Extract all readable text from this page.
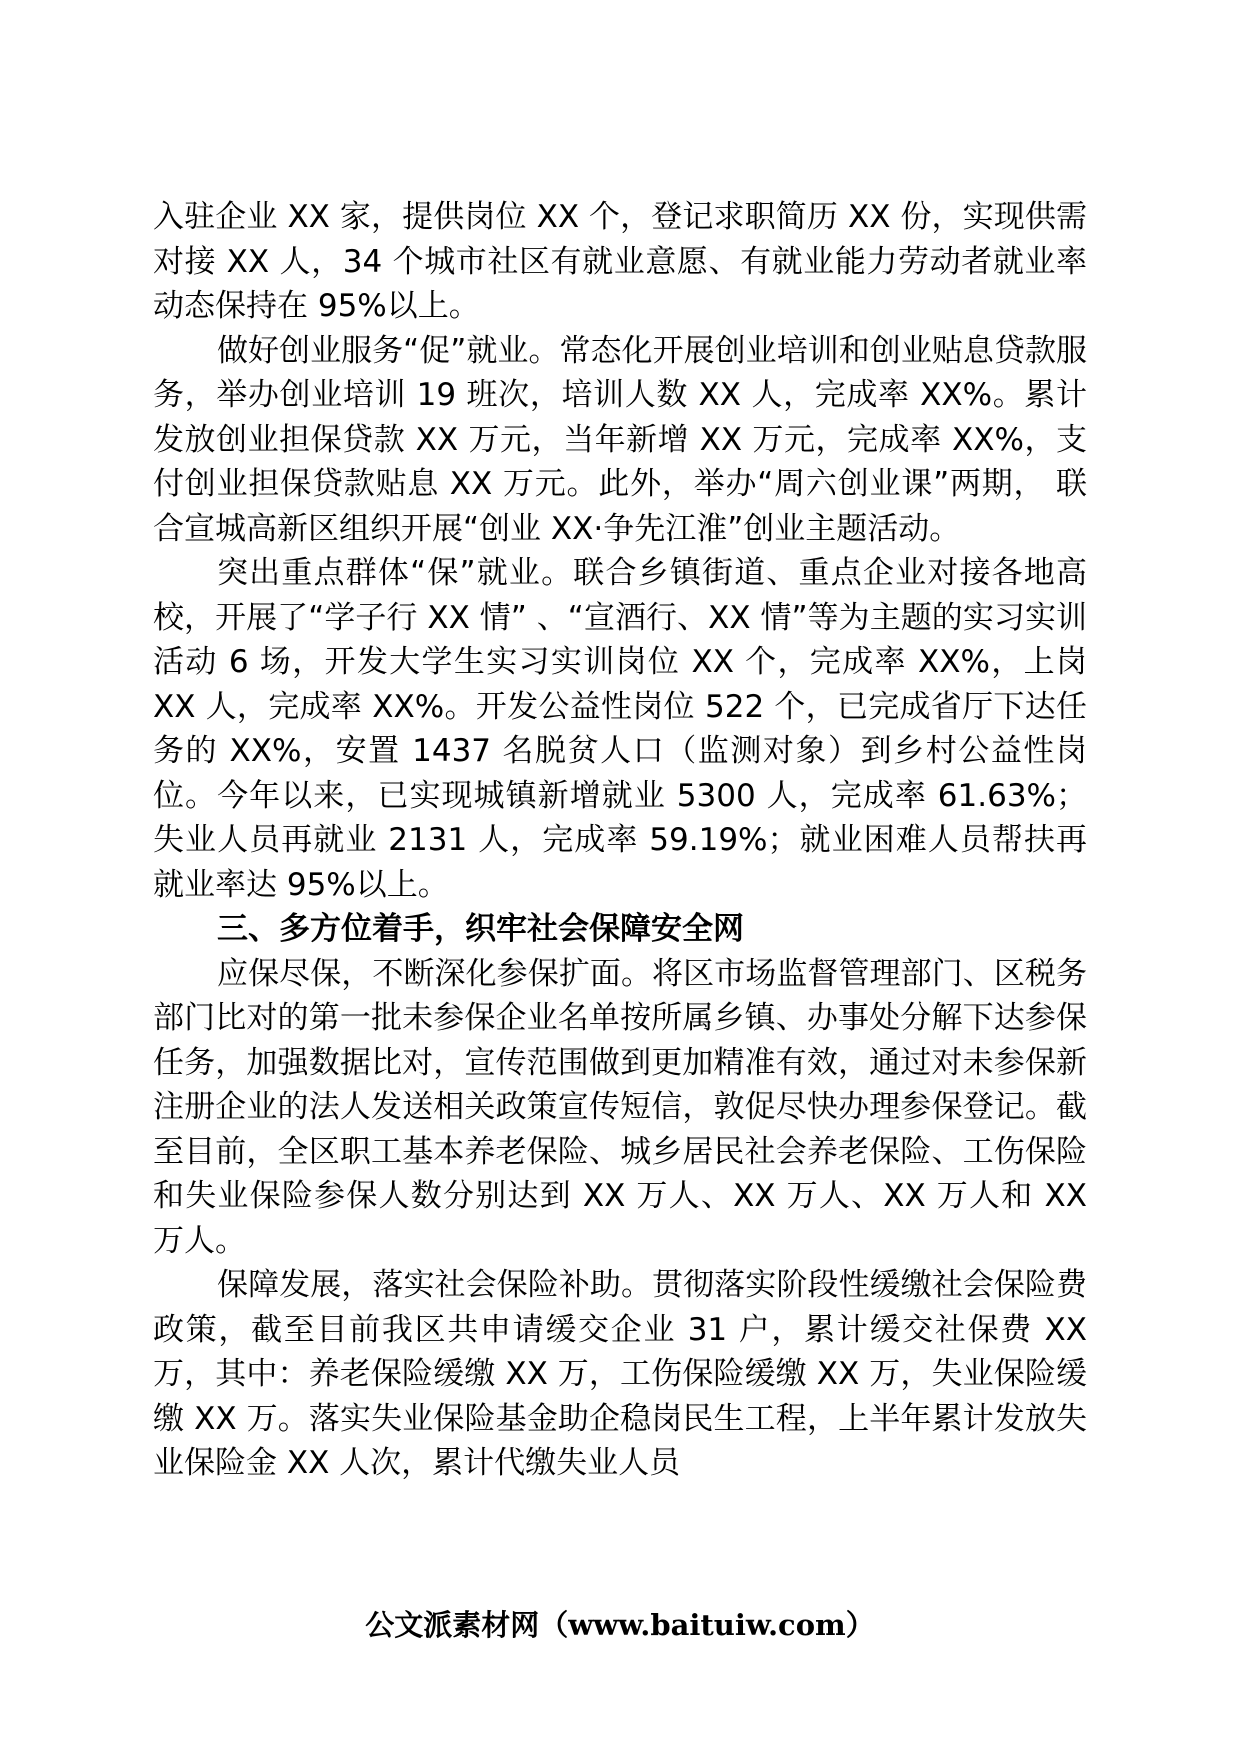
入驻企业 XX 家，提供岗位 XX 个，登记求职简历 XX 份，实现供需对接 XX 人，34 个城市社区有就业意愿、有就业能力劳动者就业率动态保持在 95%以上。

做好创业服务“促”就业。常态化开展创业培训和创业贴息贷款服务，举办创业培训 19 班次，培训人数 XX 人，完成率 XX%。累计发放创业担保贷款 XX 万元，当年新增 XX 万元，完成率 XX%，支付创业担保贷款贴息 XX 万元。此外，举办“周六创业课”两期， 联合宣城高新区组织开展“创业 XX·争先江淮”创业主题活动。

突出重点群体“保”就业。联合乡镇街道、重点企业对接各地高校，开展了“学子行 XX 情” 、“宣酒行、XX 情”等为主题的实习实训活动 6 场，开发大学生实习实训岗位 XX 个，完成率 XX%，上岗 XX 人，完成率 XX%。开发公益性岗位 522 个，已完成省厅下达任务的 XX%，安置 1437 名脱贫人口（监测对象）到乡村公益性岗位。今年以来，已实现城镇新增就业 5300 人，完成率 61.63%；失业人员再就业 2131 人，完成率 59.19%；就业困难人员帮扶再就业率达 95%以上。

三、多方位着手，织牢社会保障安全网

应保尽保，不断深化参保扩面。将区市场监督管理部门、区税务部门比对的第一批未参保企业名单按所属乡镇、办事处分解下达参保任务，加强数据比对，宣传范围做到更加精准有效，通过对未参保新注册企业的法人发送相关政策宣传短信，敦促尽快办理参保登记。截至目前，全区职工基本养老保险、城乡居民社会养老保险、工伤保险和失业保险参保人数分别达到 XX 万人、XX 万人、XX 万人和 XX 万人。

保障发展，落实社会保险补助。贯彻落实阶段性缓缴社会保险费政策，截至目前我区共申请缓交企业 31 户，累计缓交社保费 XX 万，其中：养老保险缓缴 XX 万，工伤保险缓缴 XX 万，失业保险缓缴 XX 万。落实失业保险基金助企稳岗民生工程，上半年累计发放失业保险金 XX 人次，累计代缴失业人员

公文派素材网（www.baituiw.com）
